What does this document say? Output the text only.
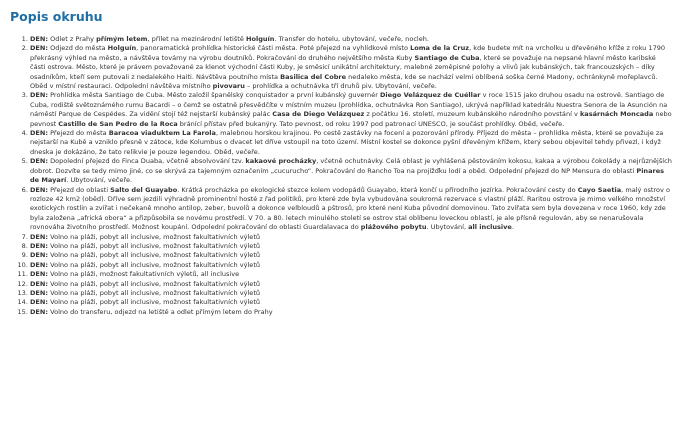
Popis okruhu
1. DEN: Odlet z Prahy přímým letem, přílet na mezinárodní letiště Holguín. Transfer do hotelu, ubytování, večeře, nocleh.
2. DEN: Odjezd do města Holguín, panoramatická prohlídka historické části města. Poté přejezd na vyhlídkové místo Loma de la Cruz, kde budete mít na vrcholku u dřevěného kříže z roku 1790 překrásný výhled na město, a návštěva továrny na výrobu doutníků. Pokračování do druhého největšího města Kuby Santiago de Cuba, které se považuje na nepsané hlavní město karibské části ostrova. Město, které je právem považované za klenot východní části Kuby, je směsicí unikátní architektury, malebné zeměpisné polohy a vlivů jak kubánských, tak francouzských – díky osadníkům, kteří sem putovali z nedalekého Haiti. Návštěva poutního místa Basilica del Cobre nedaleko města, kde se nachází velmi oblíbená soška černé Madony, ochránkyně mořeplavců. Oběd v místní restauraci. Odpolední návštěva místního pivovaru – prohlídka a ochutnávka tří druhů piv. Ubytování, večeře.
3. DEN: Prohlídka města Santiago de Cuba. Město založil španělský conquistador a první kubánský guvernér Diego Velázquez de Cuéllar v roce 1515 jako druhou osadu na ostrově. Santiago de Cuba, rodiště světoznámého rumu Bacardi – o čemž se ostatně přesvědčíte v místním muzeu (prohlídka, ochutnávka Ron Santiago), ukrývá například katedrálu Nuestra Senora de la Asunción na náměstí Parque de Cespédes. Za vidění stojí též nejstarší kubánský palác Casa de Diego Velázquez z počátku 16. století, muzeum kubánského národního povstání v kasárnách Moncada nebo pevnost Castillo de San Pedro de la Roca bránící přístav před bukanýry. Tato pevnost, od roku 1997 pod patronací UNESCO, je součást prohlídky. Oběd, večeře.
4. DEN: Přejezd do města Baracoa viaduktem La Farola, malebnou horskou krajinou. Po cestě zastávky na focení a pozorování přírody. Příjezd do města – prohlídka města, které se považuje za nejstarší na Kubě a vzniklo přesně v zátoce, kde Kolumbus o dvacet let dříve vstoupil na toto území. Místní kostel se dokonce pyšní dřevěným křížem, který sebou objevitel tehdy přivezl, i když dneska je dokázáno, že tato relikvie je pouze legendou. Oběd, večeře.
5. DEN: Dopolední přejezd do Finca Duaba, včetně absolvování tzv. kakaové procházky, včetně ochutnávky. Celá oblast je vyhlášená pěstováním kokosu, kakaa a výrobou čokolády a nejrůznějších dobrot. Dozvíte se tedy mimo jiné, co se skrývá za tajemným označením „cucurucho“. Pokračování do Rancho Toa na projížďku lodí a oběd. Odpolední přejezd do NP Mensura do oblasti Pinares de Mayarí. Ubytování, večeře.
6. DEN: Přejezd do oblasti Salto del Guayabo. Krátká procházka po ekologické stezce kolem vodopádů Guayabo, která končí u přírodního jezírka. Pokračování cesty do Cayo Saetia, malý ostrov o rozloze 42 km2 (oběd). Dříve sem jezdili výhradně prominentní hosté z řad politiků, pro které zde byla vybudována soukromá rezervace s vlastní pláží. Raritou ostrova je mimo velkého množství exotických rostlin a zvířat i nečekaně mnoho antilop, zeber, buvolů a dokonce velbloudů a pštrosů, pro které není Kuba původní domovinou. Tato zvířata sem byla dovezena v roce 1960, kdy zde byla založena „africká obora“ a přizpůsobila se novému prostředí. V 70. a 80. letech minulého století se ostrov stal oblíbenu loveckou oblastí, je ale přísně regulován, aby se nenarušovala rovnováha životního prostředí. Možnost koupání. Odpolední pokračování do oblasti Guardalavaca do plážového pobytu. Ubytování, all inclusive.
7. DEN: Volno na pláži, pobyt all inclusive, možnost fakultativních výletů
8. DEN: Volno na pláži, pobyt all inclusive, možnost fakultativních výletů
9. DEN: Volno na pláži, pobyt all inclusive, možnost fakultativních výletů
10. DEN: Volno na pláži, pobyt all inclusive, možnost fakultativních výletů
11. DEN: Volno na pláži, možnost fakultativních výletů, all inclusive
12. DEN: Volno na pláži, pobyt all inclusive, možnost fakultativních výletů
13. DEN: Volno na pláži, pobyt all inclusive, možnost fakultativních výletů
14. DEN: Volno na pláži, pobyt all inclusive, možnost fakultativních výletů
15. DEN: Volno do transferu, odjezd na letiště a odlet přímým letem do Prahy
